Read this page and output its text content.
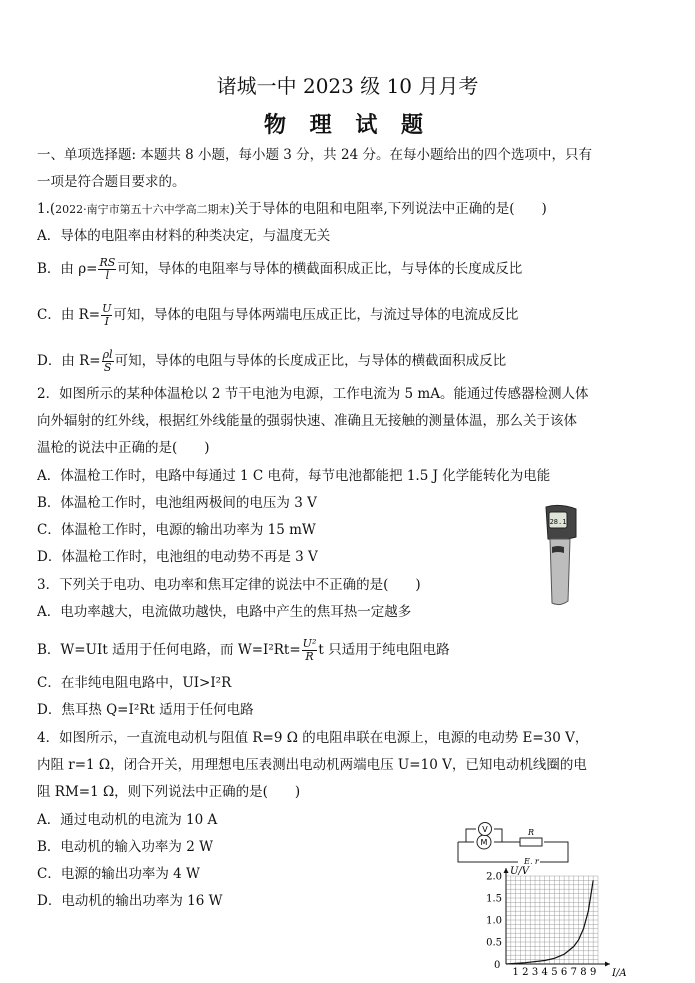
诸城一中 2023 级 10 月月考
物 理 试 题
一、单项选择题: 本题共 8 小题，每小题 3 分，共 24 分。在每小题给出的四个选项中，只有
一项是符合题目要求的。
1.(2022·南宁市第五十六中学高二期末)关于导体的电阻和电阻率,下列说法中正确的是(　　)
A．导体的电阻率由材料的种类决定，与温度无关
B．由 $\rho= \frac{RS}{l}$ 可知，导体的电阻率与导体的横截面积成正比，与导体的长度成反比
C．由 $R= \frac{U}{I}$ 可知，导体的电阻与导体两端电压成正比，与流过导体的电流成反比
D．由 $R= \frac{\rho l}{S}$ 可知，导体的电阻与导体的长度成正比，与导体的横截面积成反比
2．如图所示的某种体温枪以 2 节干电池为电源，工作电流为 5 mA。能通过传感器检测人体
向外辐射的红外线，根据红外线能量的强弱快速、准确且无接触的测量体温，那么关于该体
温枪的说法中正确的是(　　)
A．体温枪工作时，电路中每通过 1 C 电荷，每节电池都能把 1.5 J 化学能转化为电能
B．体温枪工作时，电池组两极间的电压为 3 V
C．体温枪工作时，电源的输出功率为 15 mW
D．体温枪工作时，电池组的电动势不再是 3 V
28.1
3．下列关于电功、电功率和焦耳定律的说法中不正确的是(　　)
A．电功率越大，电流做功越快，电路中产生的焦耳热一定越多
B．W=UIt 适用于任何电路，而 $W=I^2Rt= \frac{\text{U²}}{R}$ t 只适用于纯电阻电路
C．在非纯电阻电路中，UI>I²R
D．焦耳热 Q=I²Rt 适用于任何电路
4．如图所示，一直流电动机与阻值 R=9 Ω 的电阻串联在电源上，电源的电动势 E=30 V，
内阻 r=1 Ω，闭合开关，用理想电压表测出电动机两端电压 U=10 V，已知电动机线圈的电
阻 RM=1 Ω，则下列说法中正确的是(　　)
A．通过电动机的电流为 10 A
B．电动机的输入功率为 2 W
C．电源的输出功率为 4 W
D．电动机的输出功率为 16 W
V
M
R
E, r
1 2 3 4 5 6 7 8 9
0.5
1.0
1.5
2.0 U/V
I/A
0
